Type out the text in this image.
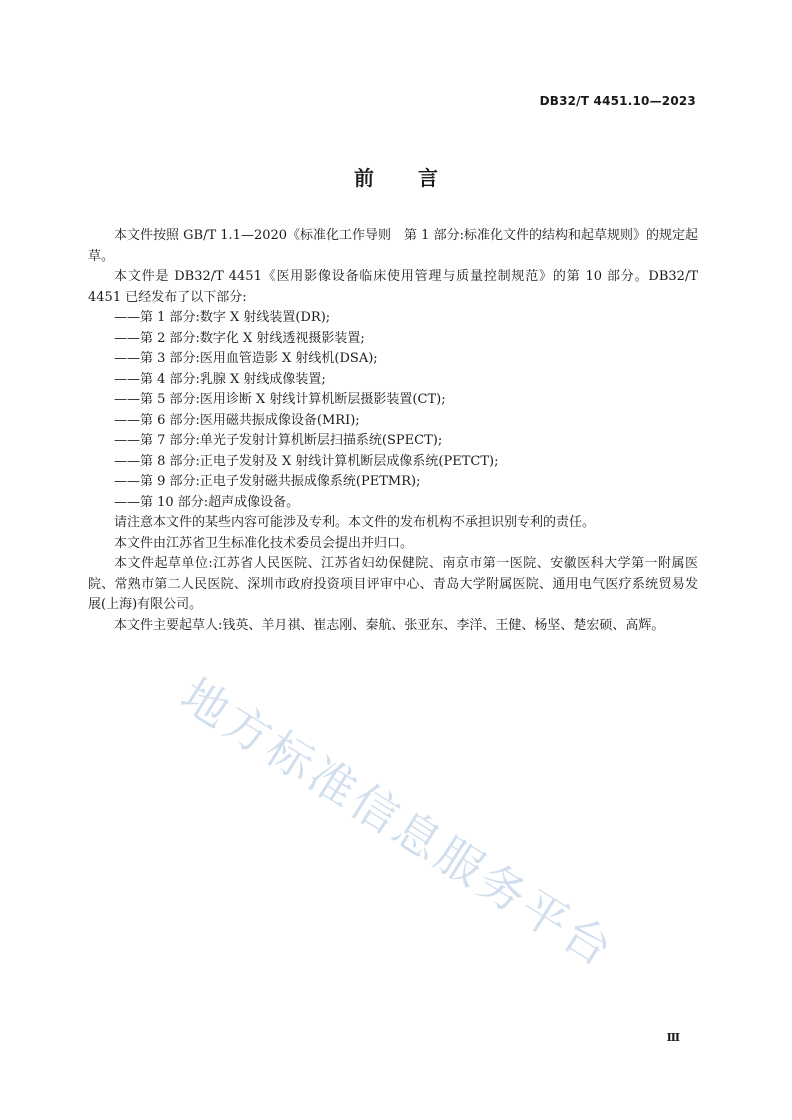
DB32/T 4451.10—2023
前 言

本文件按照 GB/T 1.1—2020《标准化工作导则　第 1 部分:标准化文件的结构和起草规则》的规定起草。

本文件是 DB32/T 4451《医用影像设备临床使用管理与质量控制规范》的第 10 部分。DB32/T 4451 已经发布了以下部分:

——第 1 部分:数字 X 射线装置(DR);

——第 2 部分:数字化 X 射线透视摄影装置;

——第 3 部分:医用血管造影 X 射线机(DSA);

——第 4 部分:乳腺 X 射线成像装置;

——第 5 部分:医用诊断 X 射线计算机断层摄影装置(CT);

——第 6 部分:医用磁共振成像设备(MRI);

——第 7 部分:单光子发射计算机断层扫描系统(SPECT);

——第 8 部分:正电子发射及 X 射线计算机断层成像系统(PETCT);

——第 9 部分:正电子发射磁共振成像系统(PETMR);

——第 10 部分:超声成像设备。

请注意本文件的某些内容可能涉及专利。本文件的发布机构不承担识别专利的责任。

本文件由江苏省卫生标准化技术委员会提出并归口。

本文件起草单位:江苏省人民医院、江苏省妇幼保健院、南京市第一医院、安徽医科大学第一附属医院、常熟市第二人民医院、深圳市政府投资项目评审中心、青岛大学附属医院、通用电气医疗系统贸易发展(上海)有限公司。

本文件主要起草人:钱英、羊月祺、崔志刚、秦航、张亚东、李洋、王健、杨坚、楚宏硕、高辉。

地方标准信息服务平台
Ⅲ
